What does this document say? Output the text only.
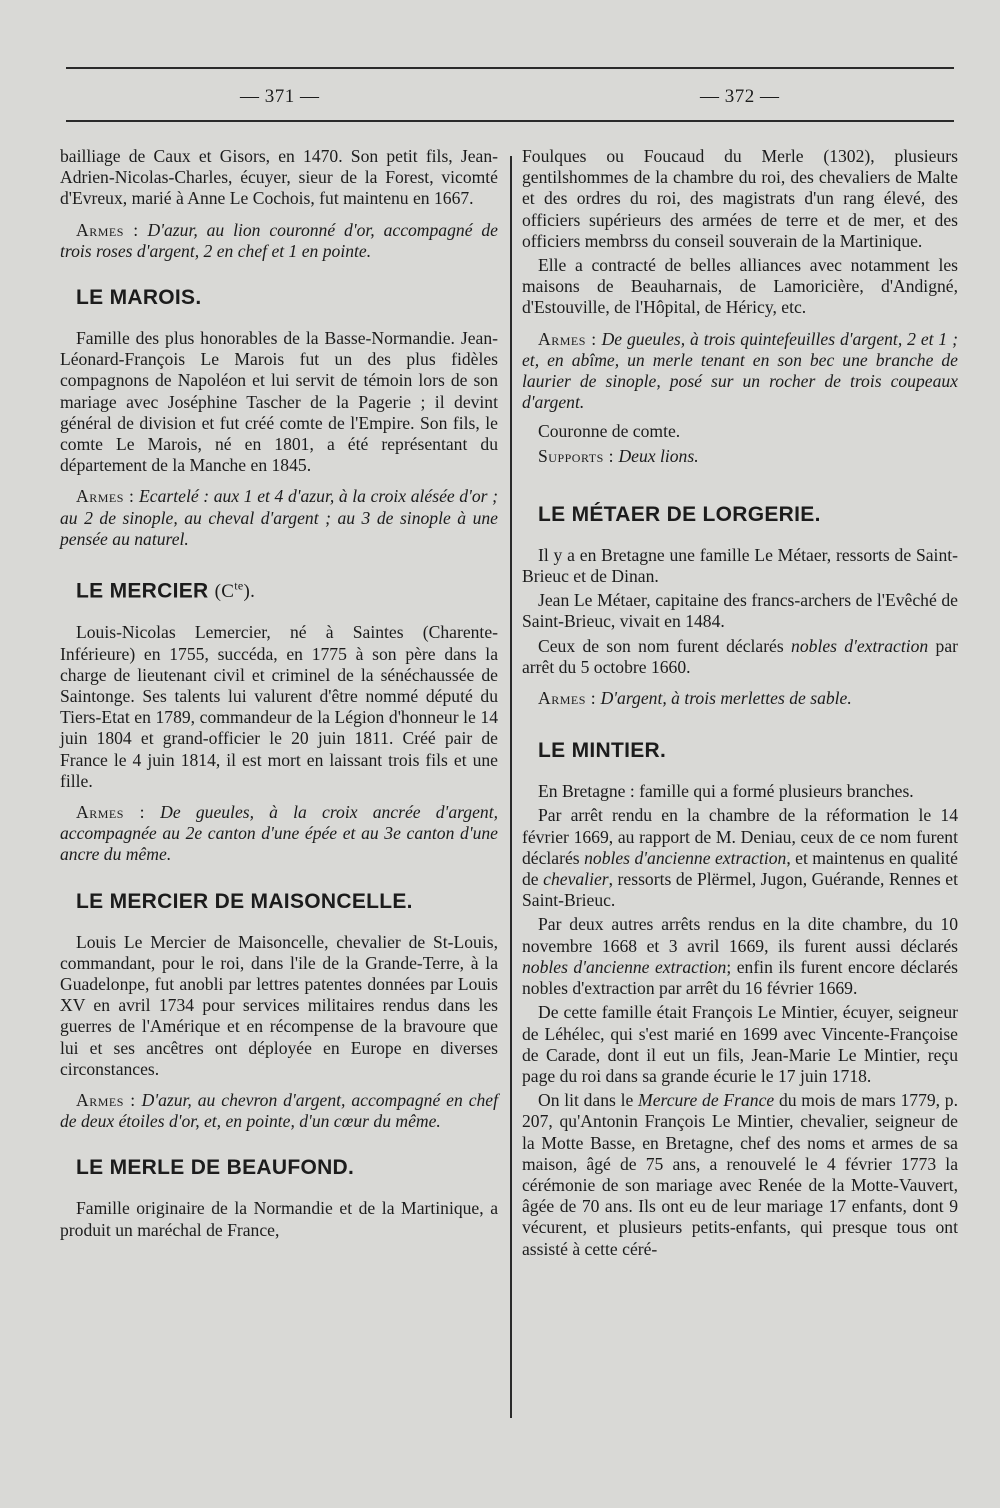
— 371 —	— 372 —

bailliage de Caux et Gisors, en 1470. Son petit fils, Jean-Adrien-Nicolas-Charles, écuyer, sieur de la Forest, vicomté d'Evreux, marié à Anne Le Cochois, fut maintenu en 1667.

Armes : D'azur, au lion couronné d'or, accompagné de trois roses d'argent, 2 en chef et 1 en pointe.

LE MAROIS.

Famille des plus honorables de la Basse-Normandie. Jean-Léonard-François Le Marois fut un des plus fidèles compagnons de Napoléon et lui servit de témoin lors de son mariage avec Joséphine Tascher de la Pagerie ; il devint général de division et fut créé comte de l'Empire. Son fils, le comte Le Marois, né en 1801, a été représentant du département de la Manche en 1845.

Armes : Ecartelé : aux 1 et 4 d'azur, à la croix alésée d'or ; au 2 de sinople, au cheval d'argent ; au 3 de sinople à une pensée au naturel.

LE MERCIER $(C^{te})$.

Louis-Nicolas Lemercier, né à Saintes (Charente-Inférieure) en 1755, succéda, en 1775 à son père dans la charge de lieutenant civil et criminel de la sénéchaussée de Saintonge. Ses talents lui valurent d'être nommé député du Tiers-Etat en 1789, commandeur de la Légion d'honneur le 14 juin 1804 et grand-officier le 20 juin 1811. Créé pair de France le 4 juin 1814, il est mort en laissant trois fils et une fille.

Armes : De gueules, à la croix ancrée d'argent, accompagnée au 2e canton d'une épée et au 3e canton d'une ancre du même.

LE MERCIER DE MAISONCELLE.

Louis Le Mercier de Maisoncelle, chevalier de St-Louis, commandant, pour le roi, dans l'ile de la Grande-Terre, à la Guadelonpe, fut anobli par lettres patentes données par Louis XV en avril 1734 pour services militaires rendus dans les guerres de l'Amérique et en récompense de la bravoure que lui et ses ancêtres ont déployée en Europe en diverses circonstances.

Armes : D'azur, au chevron d'argent, accompagné en chef de deux étoiles d'or, et, en pointe, d'un cœur du même.

LE MERLE DE BEAUFOND.

Famille originaire de la Normandie et de la Martinique, a produit un maréchal de France,

Foulques ou Foucaud du Merle (1302), plusieurs gentilshommes de la chambre du roi, des chevaliers de Malte et des ordres du roi, des magistrats d'un rang élevé, des officiers supérieurs des armées de terre et de mer, et des officiers membrss du conseil souverain de la Martinique.

Elle a contracté de belles alliances avec notamment les maisons de Beauharnais, de Lamoricière, d'Andigné, d'Estouville, de l'Hôpital, de Héricy, etc.

Armes : De gueules, à trois quintefeuilles d'argent, 2 et 1 ; et, en abîme, un merle tenant en son bec une branche de laurier de sinople, posé sur un rocher de trois coupeaux d'argent.

Couronne de comte.

Supports : Deux lions.

LE MÉTAER DE LORGERIE.

Il y a en Bretagne une famille Le Métaer, ressorts de Saint-Brieuc et de Dinan.

Jean Le Métaer, capitaine des francs-archers de l'Evêché de Saint-Brieuc, vivait en 1484.

Ceux de son nom furent déclarés nobles d'extraction par arrêt du 5 octobre 1660.

Armes : D'argent, à trois merlettes de sable.

LE MINTIER.

En Bretagne : famille qui a formé plusieurs branches.

Par arrêt rendu en la chambre de la réformation le 14 février 1669, au rapport de M. Deniau, ceux de ce nom furent déclarés nobles d'ancienne extraction, et maintenus en qualité de chevalier, ressorts de Plërmel, Jugon, Guérande, Rennes et Saint-Brieuc.

Par deux autres arrêts rendus en la dite chambre, du 10 novembre 1668 et 3 avril 1669, ils furent aussi déclarés nobles d'ancienne extraction; enfin ils furent encore déclarés nobles d'extraction par arrêt du 16 février 1669.

De cette famille était François Le Mintier, écuyer, seigneur de Léhélec, qui s'est marié en 1699 avec Vincente-Françoise de Carade, dont il eut un fils, Jean-Marie Le Mintier, reçu page du roi dans sa grande écurie le 17 juin 1718.

On lit dans le Mercure de France du mois de mars 1779, p. 207, qu'Antonin François Le Mintier, chevalier, seigneur de la Motte Basse, en Bretagne, chef des noms et armes de sa maison, âgé de 75 ans, a renouvelé le 4 février 1773 la cérémonie de son mariage avec Renée de la Motte-Vauvert, âgée de 70 ans. Ils ont eu de leur mariage 17 enfants, dont 9 vécurent, et plusieurs petits-enfants, qui presque tous ont assisté à cette céré-
